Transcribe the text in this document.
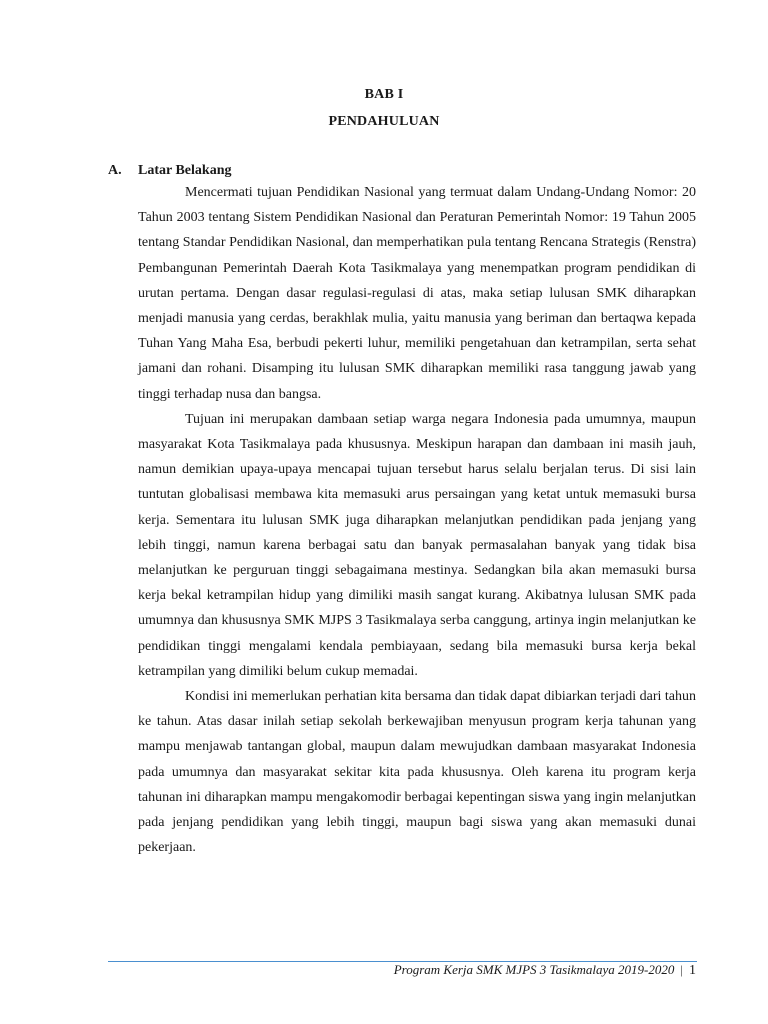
BAB I
PENDAHULUAN
A. Latar Belakang

Mencermati tujuan Pendidikan Nasional yang termuat dalam Undang-Undang Nomor: 20 Tahun 2003 tentang Sistem Pendidikan Nasional dan Peraturan Pemerintah Nomor: 19 Tahun 2005 tentang Standar Pendidikan Nasional, dan memperhatikan pula tentang Rencana Strategis (Renstra) Pembangunan Pemerintah Daerah Kota Tasikmalaya yang menempatkan program pendidikan di urutan pertama. Dengan dasar regulasi-regulasi di atas, maka setiap lulusan SMK diharapkan menjadi manusia yang cerdas, berakhlak mulia, yaitu manusia yang beriman dan bertaqwa kepada Tuhan Yang Maha Esa, berbudi pekerti luhur, memiliki pengetahuan dan ketrampilan, serta sehat jamani dan rohani. Disamping itu lulusan SMK diharapkan memiliki rasa tanggung jawab yang tinggi terhadap nusa dan bangsa.

Tujuan ini merupakan dambaan setiap warga negara Indonesia pada umumnya, maupun masyarakat Kota Tasikmalaya pada khususnya. Meskipun harapan dan dambaan ini masih jauh, namun demikian upaya-upaya mencapai tujuan tersebut harus selalu berjalan terus. Di sisi lain tuntutan globalisasi membawa kita memasuki arus persaingan yang ketat untuk memasuki bursa kerja. Sementara itu lulusan SMK juga diharapkan melanjutkan pendidikan pada jenjang yang lebih tinggi, namun karena berbagai satu dan banyak permasalahan banyak yang tidak bisa melanjutkan ke perguruan tinggi sebagaimana mestinya. Sedangkan bila akan memasuki bursa kerja bekal ketrampilan hidup yang dimiliki masih sangat kurang. Akibatnya lulusan SMK pada umumnya dan khususnya SMK MJPS 3 Tasikmalaya serba canggung, artinya ingin melanjutkan ke pendidikan tinggi mengalami kendala pembiayaan, sedang bila memasuki bursa kerja bekal ketrampilan yang dimiliki belum cukup memadai.

Kondisi ini memerlukan perhatian kita bersama dan tidak dapat dibiarkan terjadi dari tahun ke tahun. Atas dasar inilah setiap sekolah berkewajiban menyusun program kerja tahunan yang mampu menjawab tantangan global, maupun dalam mewujudkan dambaan masyarakat Indonesia pada umumnya dan masyarakat sekitar kita pada khususnya. Oleh karena itu program kerja tahunan ini diharapkan mampu mengakomodir berbagai kepentingan siswa yang ingin melanjutkan pada jenjang pendidikan yang lebih tinggi, maupun bagi siswa yang akan memasuki dunai pekerjaan.

Program Kerja SMK MJPS 3 Tasikmalaya 2019-2020 | 1
